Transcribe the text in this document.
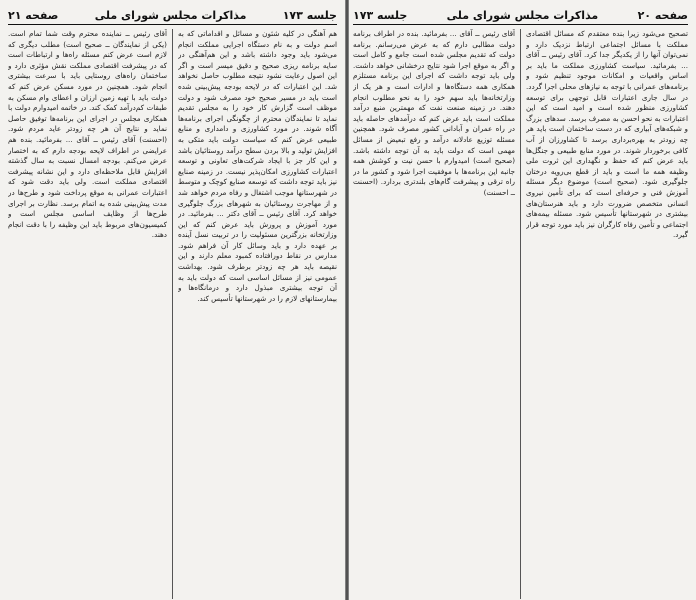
جلسه ۱۷۳
مذاکرات مجلس شورای ملی
صفحه ۲۱

هم ‌آهنگی در کلیه ‌شئون‌ و مسائل و اقداماتی‌ که ‌به‌ اسم ‌دولت ‌و به ‌نام‌ دستگاه‌ اجرایی ‌مملکت‌ انجام‌ می‌شود باید وجود داشته‌ باشد و این‌ هم‌آهنگی ‌در سایه ‌‌برنامه‌ ریزی ‌صحیح‌ و دقیق ‌میسر است ‌و اگر این ‌اصول ‌رعایت ‌نشود نتیجه ‌مطلوب ‌حاصل ‌نخواهد شد. این ‌اعتبارات‌ که ‌در لایحه ‌بودجه ‌پیش‌بینی ‌شده ‌است ‌باید در مسیر صحیح‌ خود مصرف ‌شود و دولت ‌موظف ‌است‌ گزارش‌ کار خود را به ‌مجلس ‌تقدیم ‌نماید تا نمایندگان‌ محترم‌ از چگونگی ‌اجرای ‌برنامه‌ها آگاه ‌شوند. در مورد کشاورزی ‌و دامداری ‌و منابع ‌طبیعی ‌عرض ‌کنم ‌که ‌سیاست ‌دولت ‌باید متکی ‌به ‌افزایش ‌تولید و بالا بردن ‌سطح ‌درآمد روستائیان‌ باشد و این ‌کار جز با ایجاد شرکت‌های ‌تعاونی‌ و توسعه ‌اعتبارات ‌کشاورزی‌ امکان‌پذیر نیست. در زمینه ‌صنایع‌ نیز باید توجه ‌داشت ‌که ‌توسعه ‌صنایع ‌کوچک ‌و متوسط ‌در شهرستانها موجب‌ اشتغال‌ و رفاه ‌مردم ‌خواهد شد و از مهاجرت‌ روستائیان ‌به ‌شهرهای ‌بزرگ‌ جلوگیری‌ خواهد کرد. آقای ‌رئیس ‌ــ آقای ‌دکتر ... بفرمائید. در مورد آموزش ‌و پرورش ‌باید عرض ‌کنم ‌که ‌این ‌وزارتخانه ‌بزرگترین ‌مسئولیت‌ را در تربیت ‌نسل ‌آینده ‌بر عهده ‌دارد و باید وسائل ‌کار آن ‌فراهم ‌شود. مدارس ‌در نقاط ‌دورافتاده ‌کمبود معلم ‌دارند و این ‌نقیصه ‌باید هر چه ‌زودتر برطرف ‌شود. بهداشت ‌عمومی ‌نیز از مسائل ‌اساسی ‌است ‌که ‌دولت ‌باید به ‌آن ‌توجه ‌بیشتری ‌مبذول ‌دارد و درمانگاه‌ها و بیمارستانهای ‌لازم ‌را در شهرستانها تأسیس ‌کند.

آقای ‌رئیس ‌ــ نماینده ‌محترم ‌وقت ‌شما تمام ‌است. (یکی ‌از نمایندگان ‌ــ صحیح ‌است) مطلب‌ دیگری‌ که ‌لازم ‌است‌ عرض ‌کنم ‌مسئله ‌راه‌ها و ارتباطات ‌است ‌که ‌در پیشرفت ‌اقتصادی ‌مملکت ‌نقش ‌مؤثری ‌دارد و ساختمان ‌راه‌های ‌روستایی ‌باید با سرعت ‌بیشتری ‌انجام ‌شود. همچنین‌ در مورد مسکن ‌عرض ‌کنم‌ که ‌دولت ‌باید با تهیه ‌زمین ‌ارزان ‌و اعطای ‌وام ‌مسکن ‌به ‌طبقات ‌کم‌درآمد کمک ‌کند. در خاتمه ‌امیدوارم ‌دولت ‌با همکاری ‌مجلس ‌در اجرای ‌این ‌برنامه‌ها توفیق ‌حاصل ‌نماید و نتایج ‌آن ‌هر چه ‌زودتر عاید مردم ‌شود. (احسنت) آقای ‌رئیس ‌ــ آقای ‌... بفرمائید. بنده ‌هم ‌عرایضی ‌در اطراف ‌لایحه ‌بودجه ‌دارم ‌که ‌به ‌اختصار عرض ‌می‌کنم. بودجه ‌امسال ‌نسبت ‌به ‌سال ‌گذشته ‌افزایش ‌قابل ‌ملاحظه‌ای ‌دارد و این ‌نشانه ‌پیشرفت ‌اقتصادی ‌مملکت ‌است. ولی ‌باید دقت ‌شود که ‌اعتبارات ‌عمرانی ‌به ‌موقع ‌پرداخت ‌شود و طرح‌ها در مدت ‌پیش‌بینی ‌شده ‌به ‌اتمام ‌برسد. نظارت ‌بر اجرای ‌طرح‌ها از وظایف ‌اساسی ‌مجلس ‌است ‌و کمیسیون‌های ‌مربوط ‌باید این ‌وظیفه ‌را با دقت ‌انجام ‌دهند.

صفحه ۲۰
مذاکرات مجلس شورای ملی
جلسه ۱۷۳

تصحیح ‌می‌شود زیرا بنده ‌معتقدم ‌که ‌مسائل ‌اقتصادی ‌مملکت ‌با مسائل ‌اجتماعی ‌ارتباط ‌نزدیک ‌دارد و نمی‌توان ‌آنها را از یکدیگر جدا کرد. آقای ‌رئیس ‌ــ آقای ‌... بفرمائید. سیاست ‌کشاورزی ‌مملکت ‌ما باید بر اساس ‌واقعیات ‌و امکانات ‌موجود تنظیم ‌شود و برنامه‌های ‌عمرانی ‌با توجه ‌به ‌نیازهای ‌محلی ‌اجرا گردد. در سال ‌جاری ‌اعتبارات ‌قابل ‌توجهی ‌برای ‌توسعه ‌کشاورزی ‌منظور شده ‌است ‌و امید است ‌که ‌این ‌اعتبارات ‌به ‌نحو احسن ‌به ‌مصرف ‌برسد. سدهای ‌بزرگ ‌و شبکه‌های ‌آبیاری ‌که ‌در دست ‌ساختمان ‌است ‌باید هر چه ‌زودتر به ‌بهره‌برداری ‌برسد تا کشاورزان ‌از آب ‌کافی ‌برخوردار شوند. در مورد منابع ‌طبیعی ‌و جنگل‌ها باید عرض ‌کنم ‌که ‌حفظ ‌و نگهداری ‌این ‌ثروت ‌ملی ‌وظیفه ‌همه ‌ما است ‌و باید از قطع ‌بی‌رویه ‌درختان ‌جلوگیری ‌شود. (صحیح ‌است) موضوع ‌دیگر مسئله ‌آموزش ‌فنی ‌و حرفه‌ای ‌است ‌که ‌برای ‌تأمین ‌نیروی ‌انسانی ‌متخصص ‌ضرورت ‌دارد و باید هنرستان‌های ‌بیشتری ‌در شهرستانها تأسیس ‌شود. مسئله ‌بیمه‌های ‌اجتماعی ‌و تأمین ‌رفاه ‌کارگران ‌نیز باید مورد توجه ‌قرار گیرد.

آقای ‌رئیس ‌ــ آقای ‌... بفرمائید. بنده ‌در اطراف ‌برنامه ‌دولت ‌مطالبی ‌دارم ‌که ‌به ‌عرض ‌می‌رسانم. برنامه ‌دولت ‌که ‌تقدیم ‌مجلس ‌شده ‌است ‌جامع ‌و کامل ‌است ‌و اگر به ‌موقع ‌اجرا شود نتایج ‌درخشانی ‌خواهد داشت. ولی ‌باید توجه ‌داشت ‌که ‌اجرای ‌این ‌برنامه ‌مستلزم ‌همکاری ‌همه ‌دستگاه‌ها و ادارات ‌است ‌و هر یک ‌از وزارتخانه‌ها باید سهم ‌خود را به ‌نحو مطلوب ‌انجام ‌دهند. در زمینه ‌صنعت ‌نفت ‌که ‌مهمترین ‌منبع ‌درآمد مملکت ‌است ‌باید عرض ‌کنم ‌که ‌درآمدهای ‌حاصله ‌باید در راه ‌عمران ‌و آبادانی ‌کشور مصرف ‌شود. همچنین ‌مسئله ‌توزیع ‌عادلانه ‌درآمد و رفع ‌تبعیض ‌از مسائل ‌مهمی ‌است ‌که ‌دولت ‌باید به ‌آن ‌توجه ‌داشته ‌باشد. (صحیح ‌است) امیدوارم ‌با حسن ‌نیت ‌و کوشش ‌همه ‌جانبه ‌این ‌برنامه‌ها با موفقیت ‌اجرا شود و کشور ما در راه ‌ترقی ‌و پیشرفت ‌گام‌های ‌بلندتری ‌بردارد. (احسنت ‌ــ احسنت)
